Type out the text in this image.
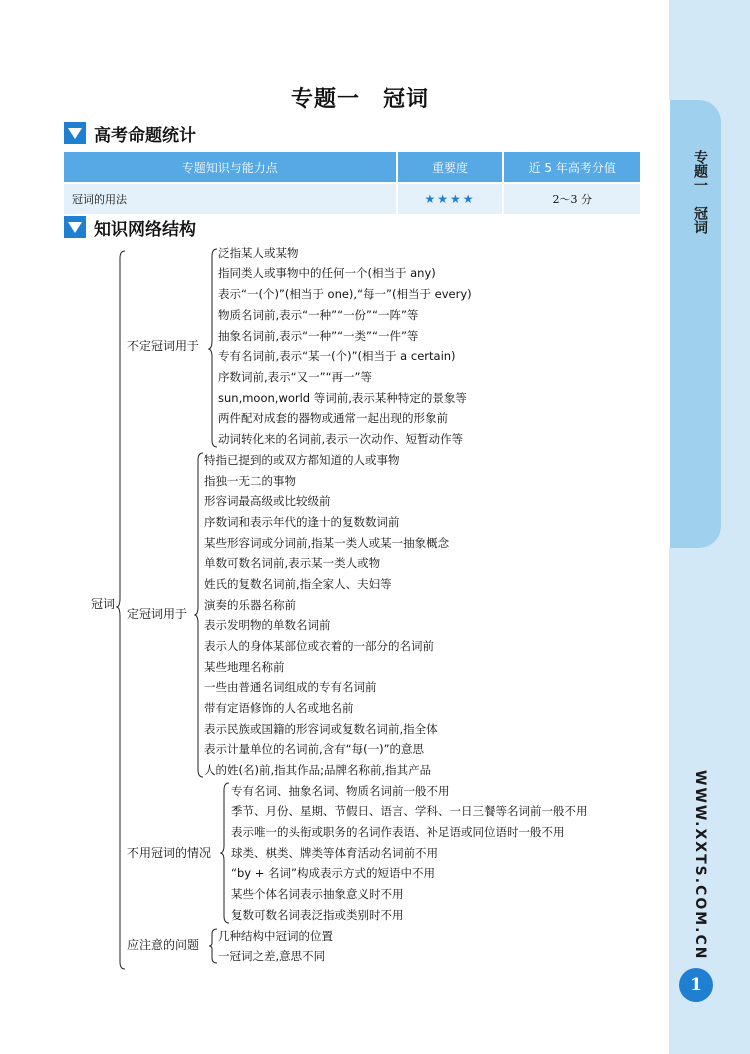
专题一　冠词
WWW.XXTS.COM.CN
1
专题一　冠词
高考命题统计
专题知识与能力点	重要度	近 5 年高考分值
冠词的用法	★★★★	2～3 分
知识网络结构
冠词
不定冠词用于
定冠词用于
不用冠词的情况
应注意的问题
泛指某人或某物
指同类人或事物中的任何一个(相当于 any)
表示“一(个)”(相当于 one),“每一”(相当于 every)
物质名词前,表示“一种”“一份”“一阵”等
抽象名词前,表示“一种”“一类”“一件”等
专有名词前,表示“某一(个)”(相当于 a certain)
序数词前,表示“又一”“再一”等
sun,moon,world 等词前,表示某种特定的景象等
两件配对成套的器物或通常一起出现的形象前
动词转化来的名词前,表示一次动作、短暂动作等
特指已提到的或双方都知道的人或事物
指独一无二的事物
形容词最高级或比较级前
序数词和表示年代的逢十的复数数词前
某些形容词或分词前,指某一类人或某一抽象概念
单数可数名词前,表示某一类人或物
姓氏的复数名词前,指全家人、夫妇等
演奏的乐器名称前
表示发明物的单数名词前
表示人的身体某部位或衣着的一部分的名词前
某些地理名称前
一些由普通名词组成的专有名词前
带有定语修饰的人名或地名前
表示民族或国籍的形容词或复数名词前,指全体
表示计量单位的名词前,含有“每(一)”的意思
人的姓(名)前,指其作品;品牌名称前,指其产品
专有名词、抽象名词、物质名词前一般不用
季节、月份、星期、节假日、语言、学科、一日三餐等名词前一般不用
表示唯一的头衔或职务的名词作表语、补足语或同位语时一般不用
球类、棋类、牌类等体育活动名词前不用
“by + 名词”构成表示方式的短语中不用
某些个体名词表示抽象意义时不用
复数可数名词表泛指或类别时不用
几种结构中冠词的位置
一冠词之差,意思不同
